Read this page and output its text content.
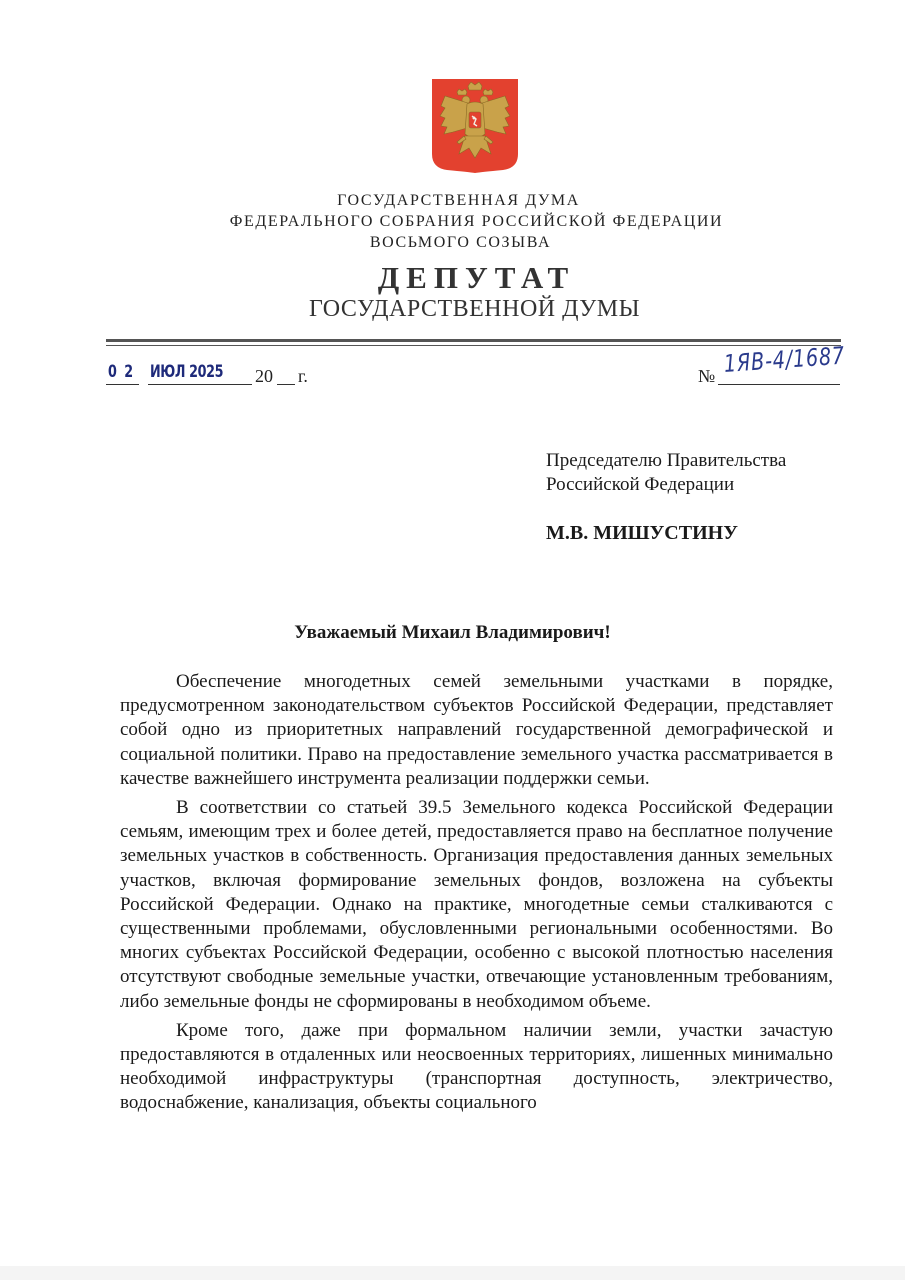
ГОСУДАРСТВЕННАЯ ДУМА
ФЕДЕРАЛЬНОГО СОБРАНИЯ РОССИЙСКОЙ ФЕДЕРАЦИИ
ВОСЬМОГО СОЗЫВА
ДЕПУТАТ
ГОСУДАРСТВЕННОЙ ДУМЫ
0 2 ИЮЛ 2025 20 г.	№ 1ЯВ-4/1687
Председателю Правительства
Российской Федерации
М.В. МИШУСТИНУ
Уважаемый Михаил Владимирович!

Обеспечение многодетных семей земельными участками в порядке, предусмотренном законодательством субъектов Российской Федерации, представляет собой одно из приоритетных направлений государственной демографической и социальной политики. Право на предоставление земельного участка рассматривается в качестве важнейшего инструмента реализации поддержки семьи.

В соответствии со статьей 39.5 Земельного кодекса Российской Федерации семьям, имеющим трех и более детей, предоставляется право на бесплатное получение земельных участков в собственность. Организация предоставления данных земельных участков, включая формирование земельных фондов, возложена на субъекты Российской Федерации. Однако на практике, многодетные семьи сталкиваются с существенными проблемами, обусловленными региональными особенностями. Во многих субъектах Российской Федерации, особенно с высокой плотностью населения отсутствуют свободные земельные участки, отвечающие установленным требованиям, либо земельные фонды не сформированы в необходимом объеме.

Кроме того, даже при формальном наличии земли, участки зачастую предоставляются в отдаленных или неосвоенных территориях, лишенных минимально необходимой инфраструктуры (транспортная доступность, электричество, водоснабжение, канализация, объекты социального
